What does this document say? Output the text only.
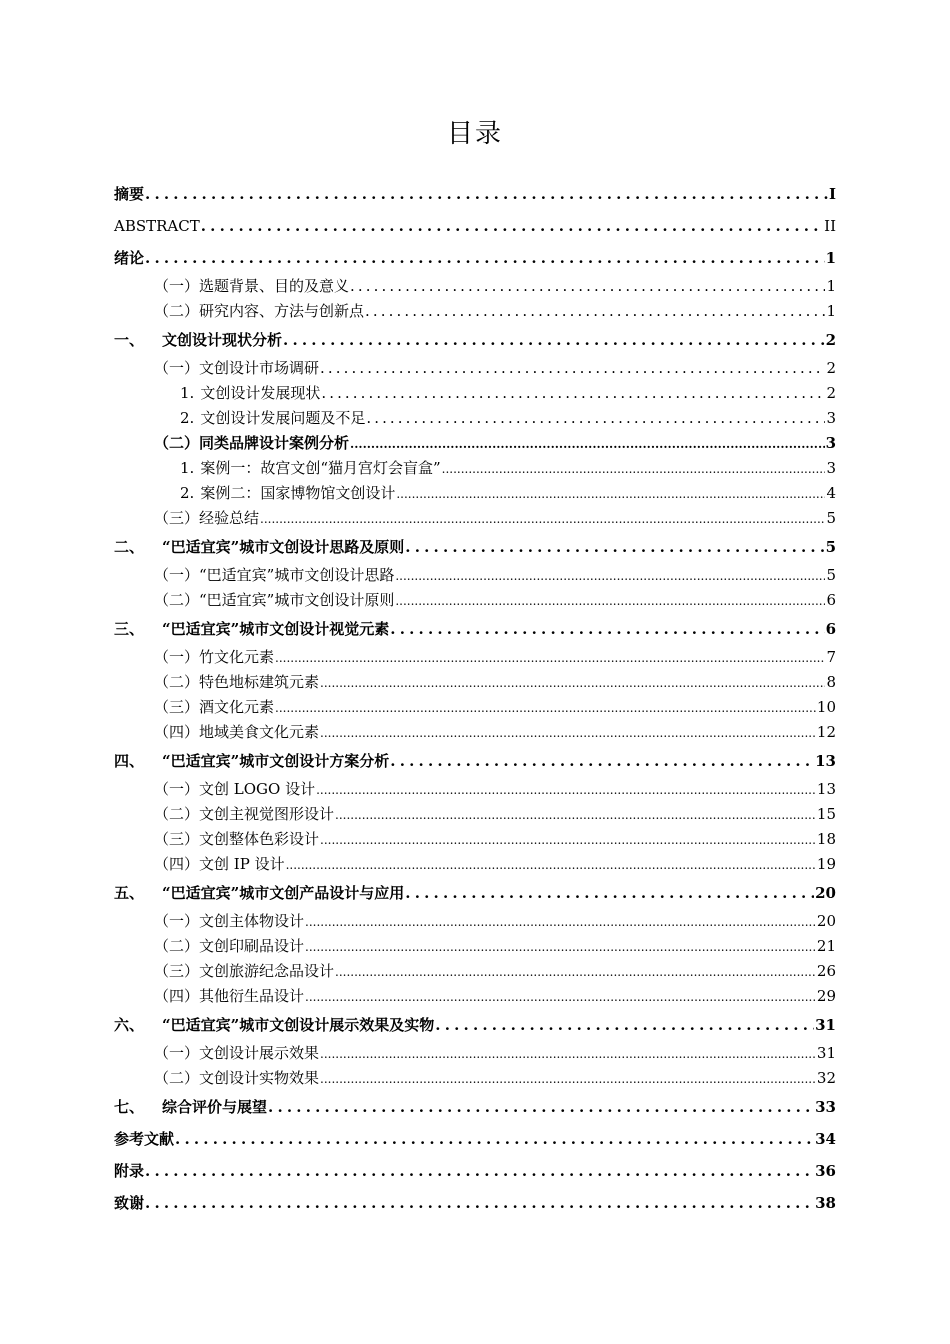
目录
摘要 .....	I
ABSTRACT .....	II
绪论 .....	1
（一）选题背景、目的及意义 .....	1
（二）研究内容、方法与创新点 .....	1
一、 文创设计现状分析 .....	2
（一）文创设计市场调研 .....	2
1. 文创设计发展现状 .....	2
2. 文创设计发展问题及不足 .....	3
（二）同类品牌设计案例分析 .....	3
1. 案例一：故宫文创“猫月宫灯会盲盒” .....	3
2. 案例二：国家博物馆文创设计 .....	4
（三）经验总结 .....	5
二、 “巴适宜宾”城市文创设计思路及原则 .....	5
（一）“巴适宜宾”城市文创设计思路 .....	5
（二）“巴适宜宾”城市文创设计原则 .....	6
三、 “巴适宜宾”城市文创设计视觉元素 .....	6
（一）竹文化元素 .....	7
（二）特色地标建筑元素 .....	8
（三）酒文化元素 .....	10
（四）地域美食文化元素 .....	12
四、 “巴适宜宾”城市文创设计方案分析 .....	13
（一）文创 LOGO 设计 .....	13
（二）文创主视觉图形设计 .....	15
（三）文创整体色彩设计 .....	18
（四）文创 IP 设计 .....	19
五、 “巴适宜宾”城市文创产品设计与应用 .....	20
（一）文创主体物设计 .....	20
（二）文创印刷品设计 .....	21
（三）文创旅游纪念品设计 .....	26
（四）其他衍生品设计 .....	29
六、 “巴适宜宾”城市文创设计展示效果及实物 .....	31
（一）文创设计展示效果 .....	31
（二）文创设计实物效果 .....	32
七、 综合评价与展望 .....	33
参考文献 .....	34
附录 .....	36
致谢 .....	38
